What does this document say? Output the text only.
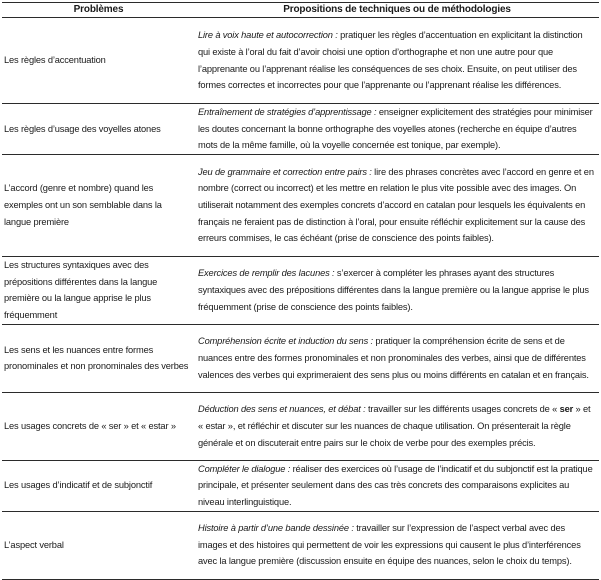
Problèmes	Propositions de techniques ou de méthodologies
Les règles d’accentuation	Lire à voix haute et autocorrection : pratiquer les règles d’accentuation en explicitant la distinction qui existe à l’oral du fait d’avoir choisi une option d’orthographe et non une autre pour que l’apprenante ou l’apprenant réalise les conséquences de ses choix. Ensuite, on peut utiliser des formes correctes et incorrectes pour que l’apprenante ou l’apprenant réalise les différences.
Les règles d’usage des voyelles atones	Entraînement de stratégies d’apprentissage : enseigner explicitement des stratégies pour minimiser les doutes concernant la bonne orthographe des voyelles atones (recherche en équipe d’autres mots de la même famille, où la voyelle concernée est tonique, par exemple).
L’accord (genre et nombre) quand les exemples ont un son semblable dans la langue première	Jeu de grammaire et correction entre pairs : lire des phrases concrètes avec l’accord en genre et en nombre (correct ou incorrect) et les mettre en relation le plus vite possible avec des images. On utiliserait notamment des exemples concrets d’accord en catalan pour lesquels les équivalents en français ne feraient pas de distinction à l’oral, pour ensuite réfléchir explicitement sur la cause des erreurs commises, le cas échéant (prise de conscience des points faibles).
Les structures syntaxiques avec des prépositions différentes dans la langue première ou la langue apprise le plus fréquemment	Exercices de remplir des lacunes : s’exercer à compléter les phrases ayant des structures syntaxiques avec des prépositions différentes dans la langue première ou la langue apprise le plus fréquemment (prise de conscience des points faibles).
Les sens et les nuances entre formes pronominales et non pronominales des verbes	Compréhension écrite et induction du sens : pratiquer la compréhension écrite de sens et de nuances entre des formes pronominales et non pronominales des verbes, ainsi que de différentes valences des verbes qui exprimeraient des sens plus ou moins différents en catalan et en français.
Les usages concrets de « ser » et « estar »	Déduction des sens et nuances, et débat : travailler sur les différents usages concrets de « ser » et « estar », et réfléchir et discuter sur les nuances de chaque utilisation. On présenterait la règle générale et on discuterait entre pairs sur le choix de verbe pour des exemples précis.
Les usages d’indicatif et de subjonctif	Compléter le dialogue : réaliser des exercices où l’usage de l’indicatif et du subjonctif est la pratique principale, et présenter seulement dans des cas très concrets des comparaisons explicites au niveau interlinguistique.
L’aspect verbal	Histoire à partir d’une bande dessinée : travailler sur l’expression de l’aspect verbal avec des images et des histoires qui permettent de voir les expressions qui causent le plus d’interférences avec la langue première (discussion ensuite en équipe des nuances, selon le choix du temps).
